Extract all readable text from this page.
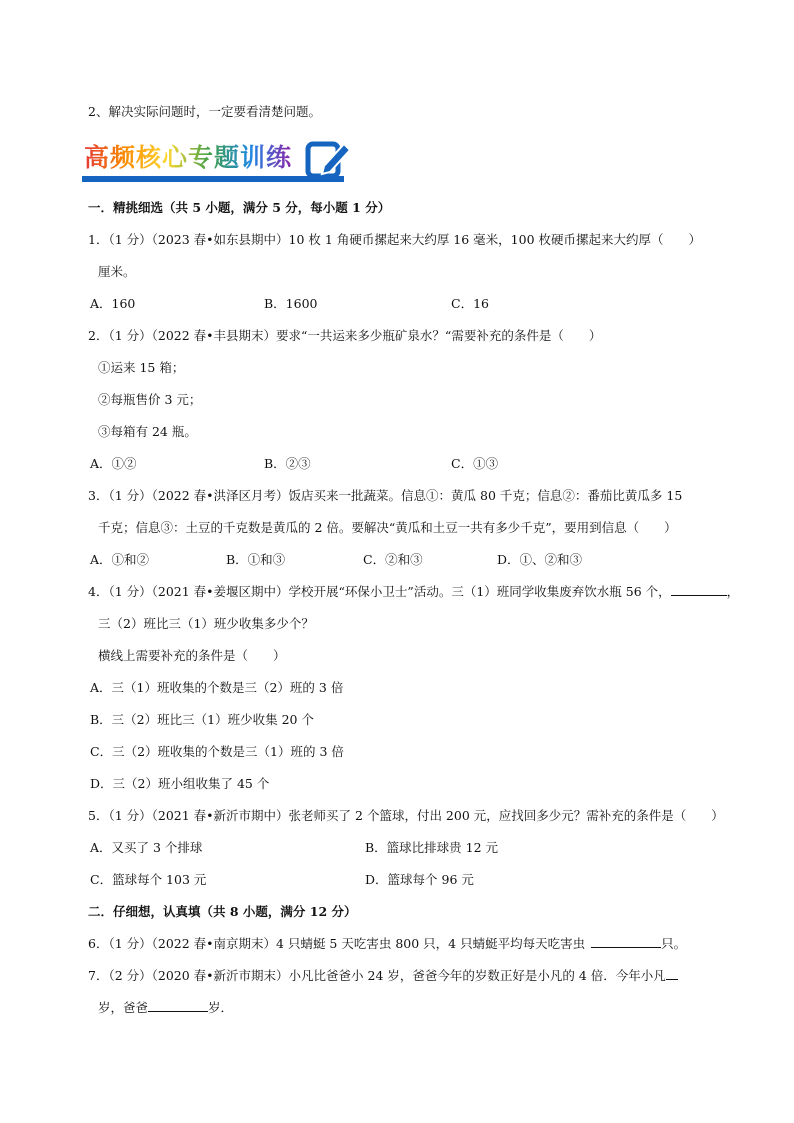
2、解决实际问题时，一定要看清楚问题。
高频核心专题训练
一．精挑细选（共 5 小题，满分 5 分，每小题 1 分）
1．（1 分）（2023 春•如东县期中）10 枚 1 角硬币摞起来大约厚 16 毫米，100 枚硬币摞起来大约厚（　　）
厘米。
A．160	B．1600	C．16
2．（1 分）（2022 春•丰县期末）要求“一共运来多少瓶矿泉水？“需要补充的条件是（　　）
①运来 15 箱；
②每瓶售价 3 元；
③每箱有 24 瓶。
A．①②	B．②③	C．①③
3．（1 分）（2022 春•洪泽区月考）饭店买来一批蔬菜。信息①：黄瓜 80 千克；信息②：番茄比黄瓜多 15
千克；信息③：土豆的千克数是黄瓜的 2 倍。要解决“黄瓜和土豆一共有多少千克”，要用到信息（　　）
A．①和②	B．①和③	C．②和③	D．①、②和③
4．（1 分）（2021 春•姜堰区期中）学校开展“环保小卫士”活动。三（1）班同学收集废弃饮水瓶 56 个，	，
三（2）班比三（1）班少收集多少个？
横线上需要补充的条件是（　　）
A．三（1）班收集的个数是三（2）班的 3 倍
B．三（2）班比三（1）班少收集 20 个
C．三（2）班收集的个数是三（1）班的 3 倍
D．三（2）班小组收集了 45 个
5．（1 分）（2021 春•新沂市期中）张老师买了 2 个篮球，付出 200 元，应找回多少元？需补充的条件是（　　）
A．又买了 3 个排球	B．篮球比排球贵 12 元
C．篮球每个 103 元	D．篮球每个 96 元
二．仔细想，认真填（共 8 小题，满分 12 分）
6．（1 分）（2022 春•南京期末）4 只蜻蜓 5 天吃害虫 800 只，4 只蜻蜓平均每天吃害虫	只。
7．（2 分）（2020 春•新沂市期末）小凡比爸爸小 24 岁，爸爸今年的岁数正好是小凡的 4 倍．今年小凡
岁，爸爸	岁．
